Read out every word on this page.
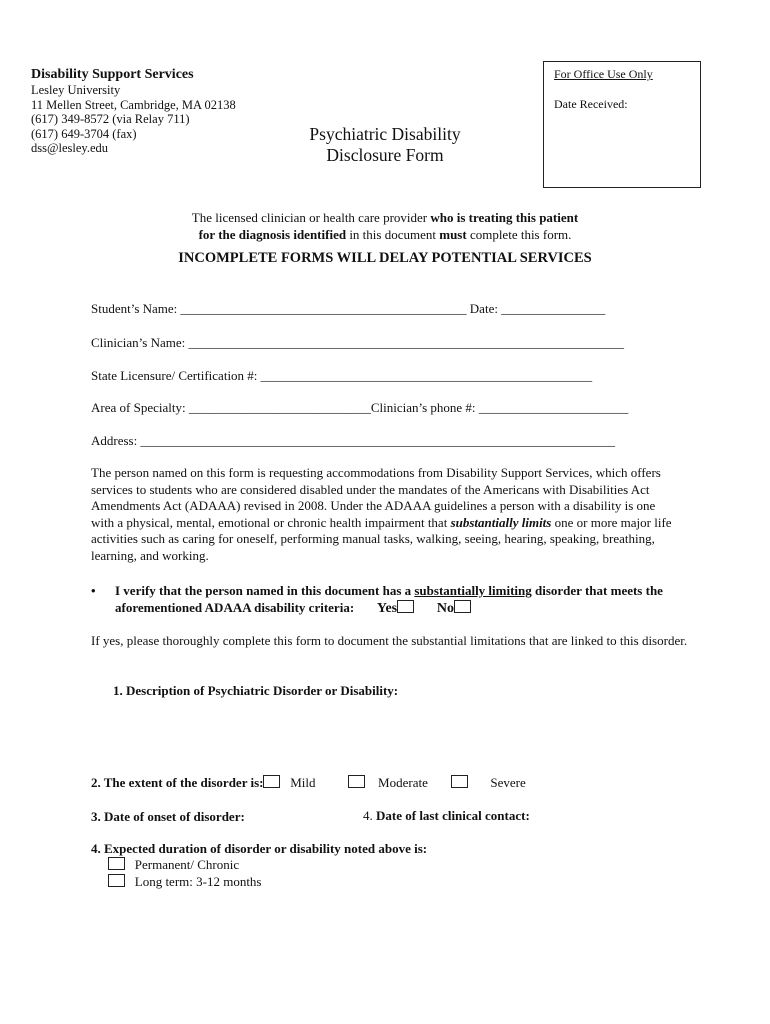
Disability Support Services
Lesley University
11 Mellen Street, Cambridge, MA 02138
(617) 349-8572 (via Relay 711)
(617) 649-3704 (fax)
dss@lesley.edu
For Office Use Only
Date Received:
Psychiatric Disability
Disclosure Form
The licensed clinician or health care provider who is treating this patient
for the diagnosis identified in this document must complete this form.
INCOMPLETE FORMS WILL DELAY POTENTIAL SERVICES
Student’s Name: ____________________________________________ Date: ________________
Clinician’s Name: ___________________________________________________________________
State Licensure/ Certification #: ___________________________________________________
Area of Specialty: ____________________________Clinician’s phone #: _______________________
Address: _________________________________________________________________________
The person named on this form is requesting accommodations from Disability Support Services, which offers services to students who are considered disabled under the mandates of the Americans with Disabilities Act Amendments Act (ADAAA) revised in 2008. Under the ADAAA guidelines a person with a disability is one with a physical, mental, emotional or chronic health impairment that substantially limits one or more major life activities such as caring for oneself, performing manual tasks, walking, seeing, hearing, speaking, breathing, learning, and working.
• I verify that the person named in this document has a substantially limiting disorder that meets the aforementioned ADAAA disability criteria: Yes	No
If yes, please thoroughly complete this form to document the substantial limitations that are linked to this disorder.
1. Description of Psychiatric Disorder or Disability:
2. The extent of the disorder is: Mild	Moderate	Severe
3. Date of onset of disorder:	4. Date of last clinical contact:
4. Expected duration of disorder or disability noted above is:
Permanent/ Chronic
Long term: 3-12 months
